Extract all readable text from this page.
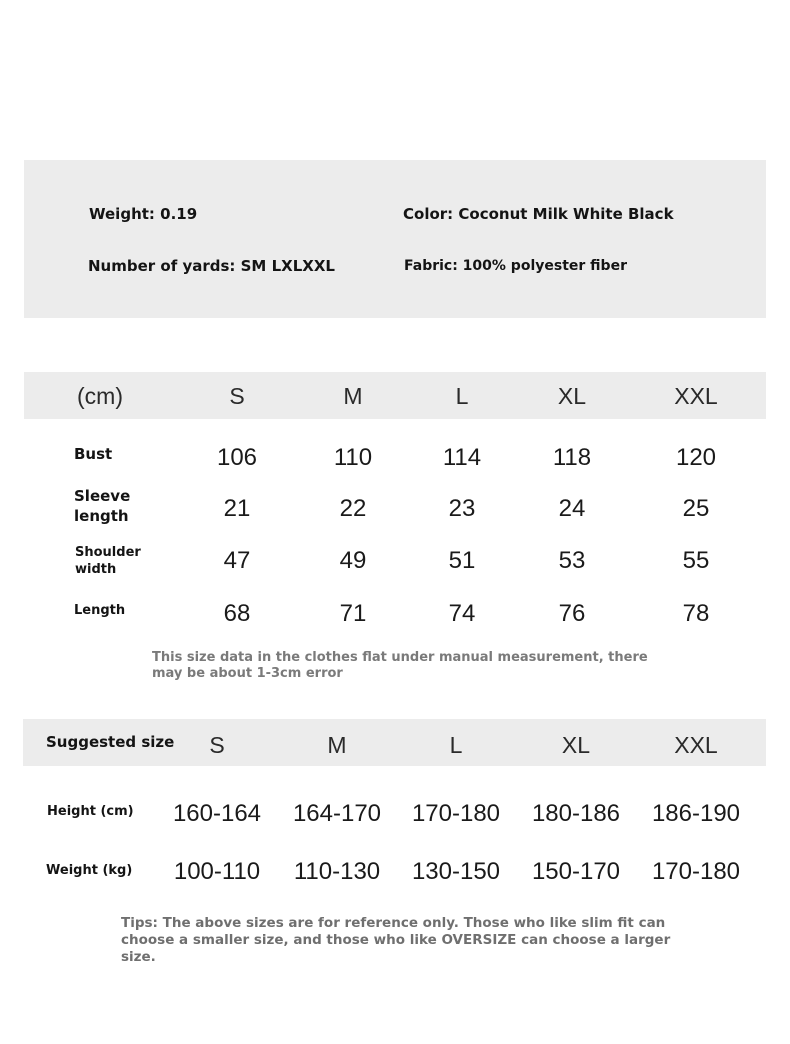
Weight: 0.19	Color: Coconut Milk White Black
Number of yards: SM LXLXXL	Fabric: 100% polyester fiber
(cm)	S	M	L	XL	XXL
Bust	106	110	114	118	120
Sleeve length	21	22	23	24	25
Shoulder width	47	49	51	53	55
Length	68	71	74	76	78
This size data in the clothes flat under manual measurement, there may be about 1-3cm error
Suggested size	S	M	L	XL	XXL
Height (cm)	160-164	164-170	170-180	180-186	186-190
Weight (kg)	100-110	110-130	130-150	150-170	170-180
Tips: The above sizes are for reference only. Those who like slim fit can choose a smaller size, and those who like OVERSIZE can choose a larger size.
